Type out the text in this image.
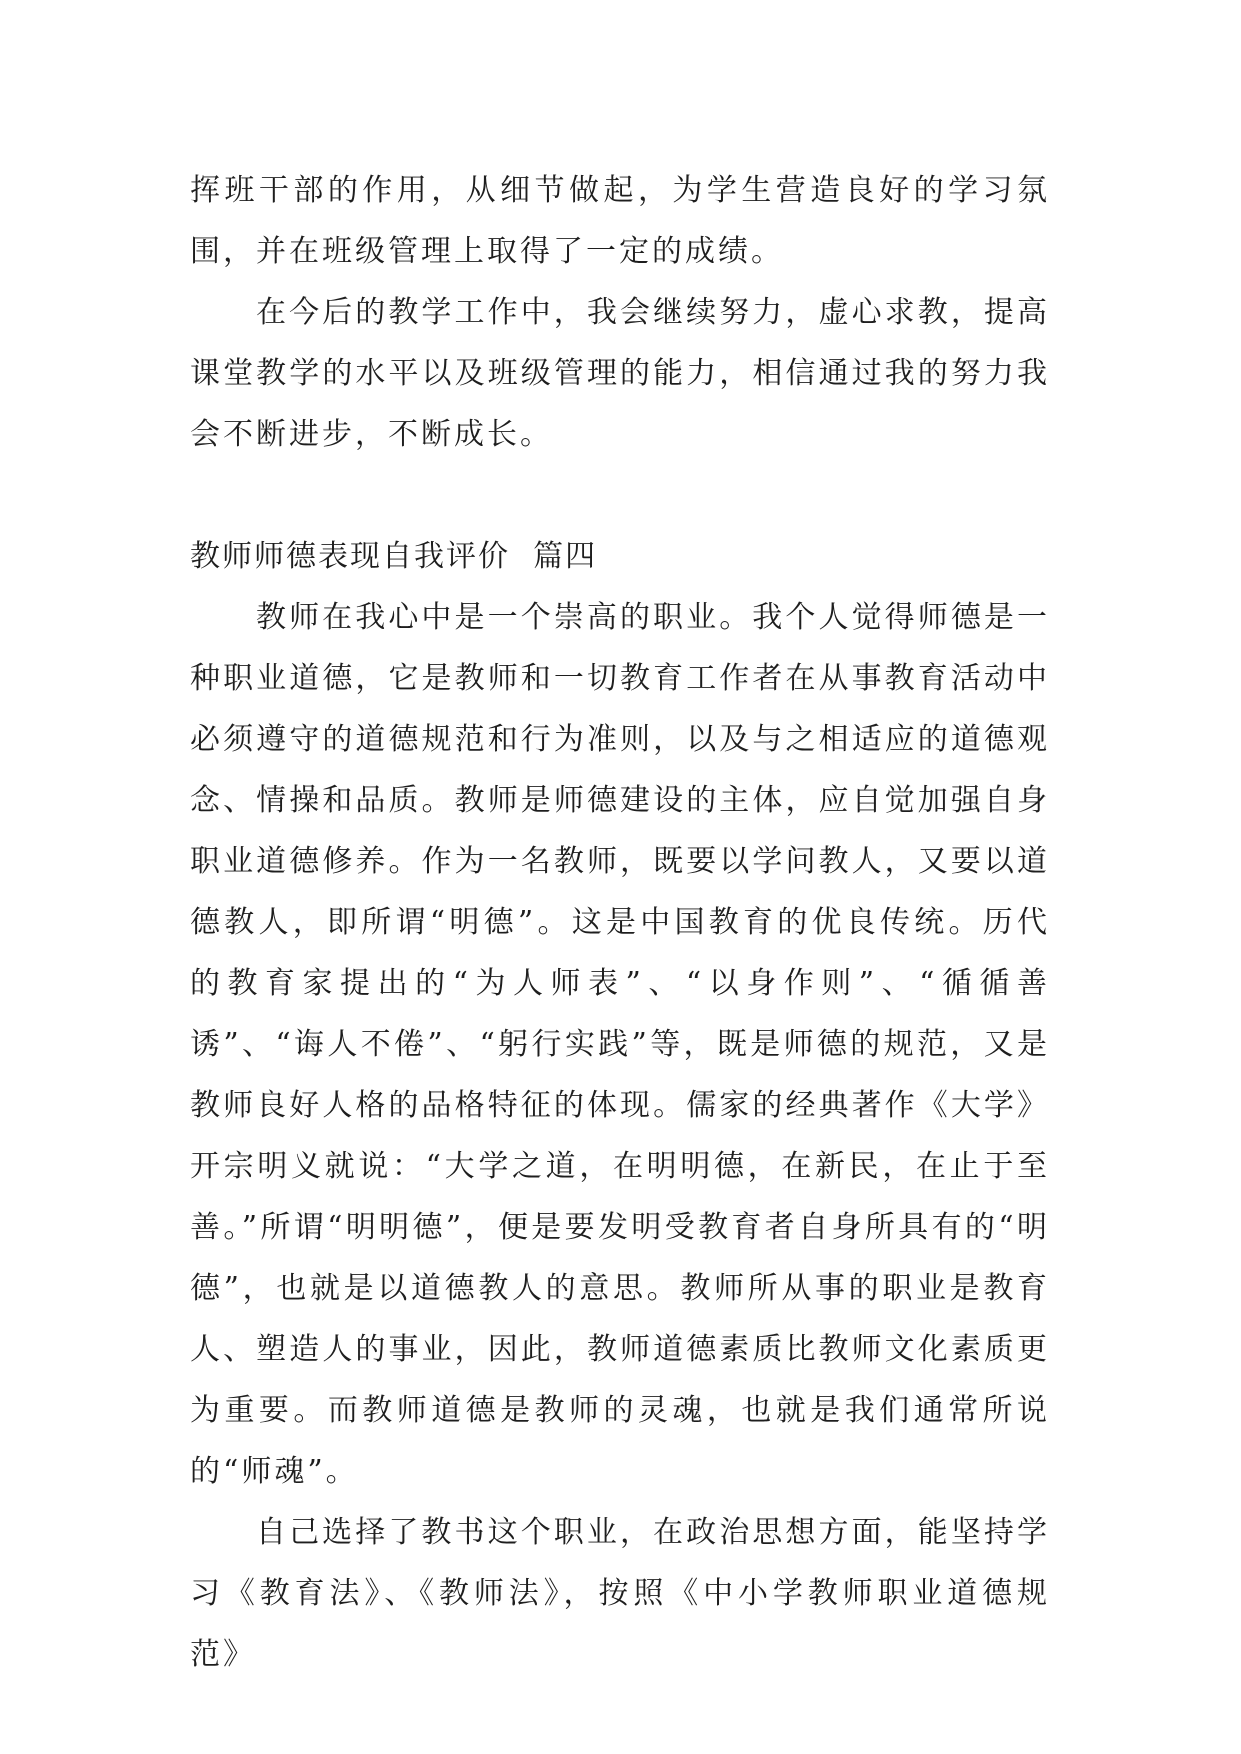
挥班干部的作用，从细节做起，为学生营造良好的学习氛围，并在班级管理上取得了一定的成绩。

在今后的教学工作中，我会继续努力，虚心求教，提高课堂教学的水平以及班级管理的能力，相信通过我的努力我会不断进步，不断成长。

教师师德表现自我评价  篇四

教师在我心中是一个崇高的职业。我个人觉得师德是一种职业道德，它是教师和一切教育工作者在从事教育活动中必须遵守的道德规范和行为准则，以及与之相适应的道德观念、情操和品质。教师是师德建设的主体，应自觉加强自身职业道德修养。作为一名教师，既要以学问教人，又要以道德教人，即所谓“明德”。这是中国教育的优良传统。历代的教育家提出的“为人师表”、“以身作则”、“循循善诱”、“诲人不倦”、“躬行实践”等，既是师德的规范，又是教师良好人格的品格特征的体现。儒家的经典著作《大学》开宗明义就说：“大学之道，在明明德，在新民，在止于至善。”所谓“明明德”，便是要发明受教育者自身所具有的“明德”，也就是以道德教人的意思。教师所从事的职业是教育人、塑造人的事业，因此，教师道德素质比教师文化素质更为重要。而教师道德是教师的灵魂，也就是我们通常所说的“师魂”。

自己选择了教书这个职业，在政治思想方面，能坚持学习《教育法》、《教师法》，按照《中小学教师职业道德规范》
